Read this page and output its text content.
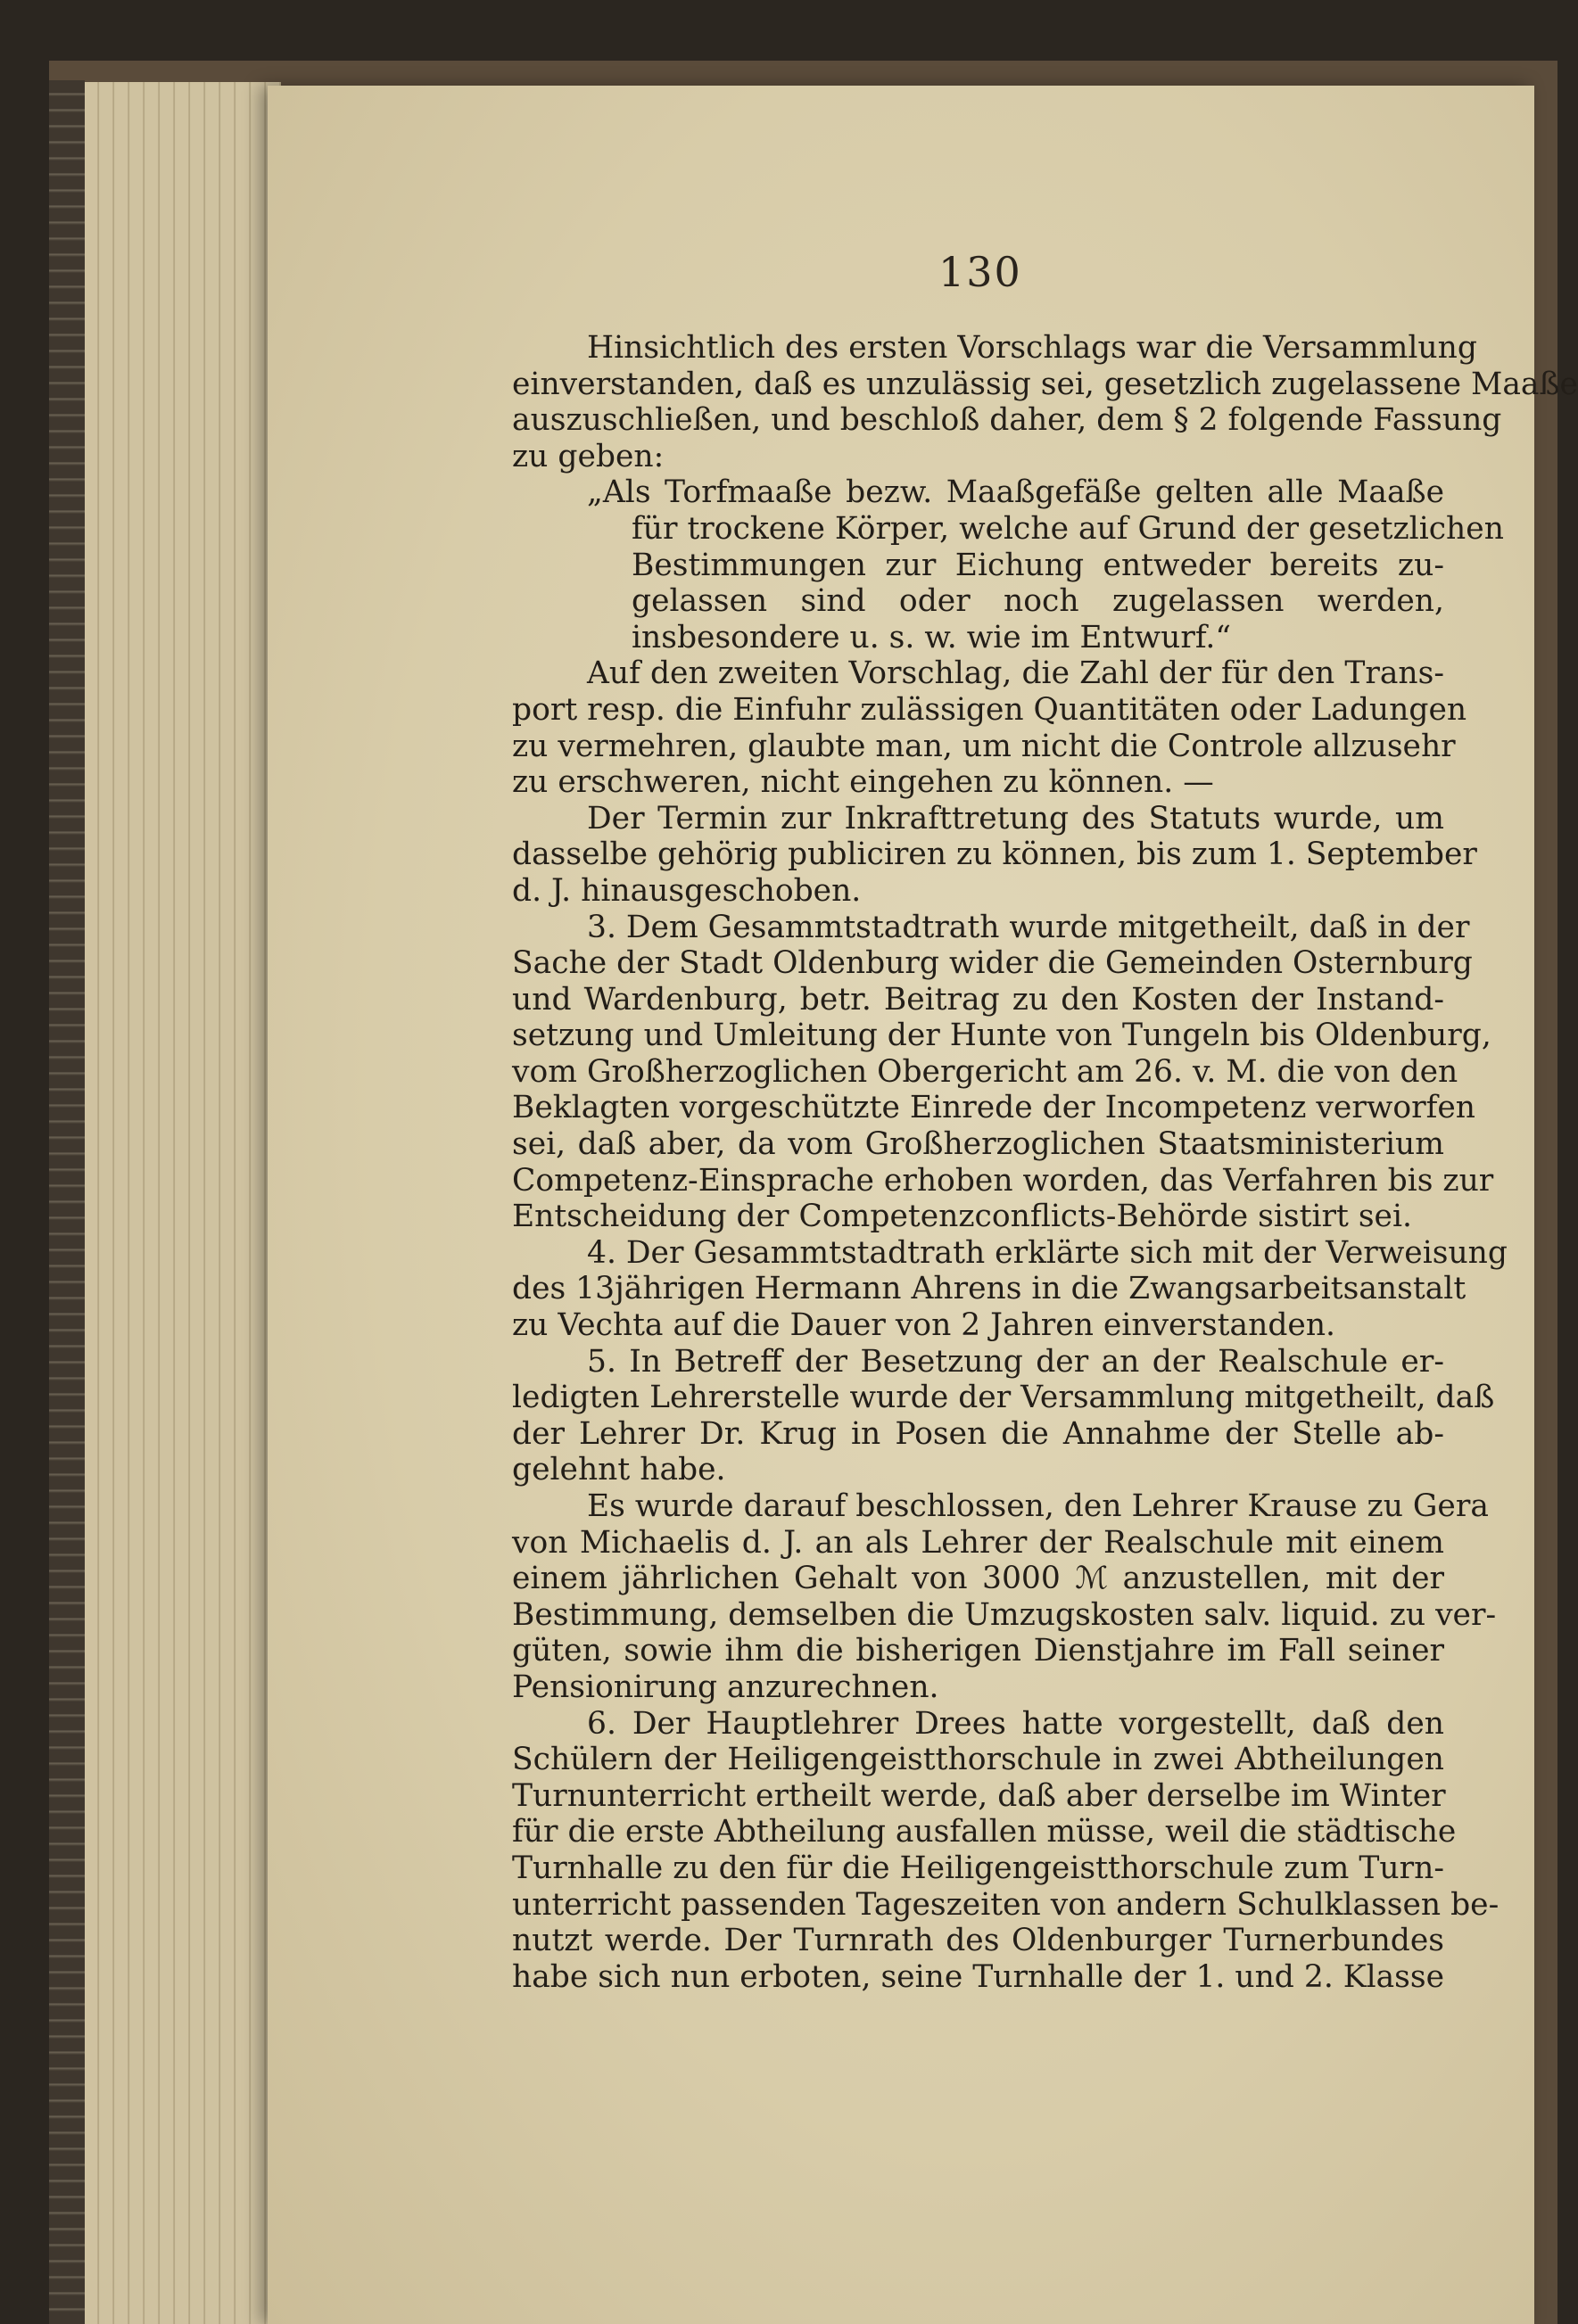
130
Hinsichtlich des ersten Vorschlags war die Versammlung
einverstanden, daß es unzulässig sei, gesetzlich zugelassene Maaße
auszuschließen, und beschloß daher, dem § 2 folgende Fassung
zu geben:
„Als Torfmaaße bezw. Maaßgefäße gelten alle Maaße
für trockene Körper, welche auf Grund der gesetzlichen
Bestimmungen zur Eichung entweder bereits zu-
gelassen sind oder noch zugelassen werden,
insbesondere u. s. w. wie im Entwurf.“
Auf den zweiten Vorschlag, die Zahl der für den Trans-
port resp. die Einfuhr zulässigen Quantitäten oder Ladungen
zu vermehren, glaubte man, um nicht die Controle allzusehr
zu erschweren, nicht eingehen zu können. —
Der Termin zur Inkrafttretung des Statuts wurde, um
dasselbe gehörig publiciren zu können, bis zum 1. September
d. J. hinausgeschoben.
3. Dem Gesammtstadtrath wurde mitgetheilt, daß in der
Sache der Stadt Oldenburg wider die Gemeinden Osternburg
und Wardenburg, betr. Beitrag zu den Kosten der Instand-
setzung und Umleitung der Hunte von Tungeln bis Oldenburg,
vom Großherzoglichen Obergericht am 26. v. M. die von den
Beklagten vorgeschützte Einrede der Incompetenz verworfen
sei, daß aber, da vom Großherzoglichen Staatsministerium
Competenz-Einsprache erhoben worden, das Verfahren bis zur
Entscheidung der Competenzconflicts-Behörde sistirt sei.
4. Der Gesammtstadtrath erklärte sich mit der Verweisung
des 13jährigen Hermann Ahrens in die Zwangsarbeitsanstalt
zu Vechta auf die Dauer von 2 Jahren einverstanden.
5. In Betreff der Besetzung der an der Realschule er-
ledigten Lehrerstelle wurde der Versammlung mitgetheilt, daß
der Lehrer Dr. Krug in Posen die Annahme der Stelle ab-
gelehnt habe.
Es wurde darauf beschlossen, den Lehrer Krause zu Gera
von Michaelis d. J. an als Lehrer der Realschule mit einem
einem jährlichen Gehalt von 3000 ℳ anzustellen, mit der
Bestimmung, demselben die Umzugskosten salv. liquid. zu ver-
güten, sowie ihm die bisherigen Dienstjahre im Fall seiner
Pensionirung anzurechnen.
6. Der Hauptlehrer Drees hatte vorgestellt, daß den
Schülern der Heiligengeistthorschule in zwei Abtheilungen
Turnunterricht ertheilt werde, daß aber derselbe im Winter
für die erste Abtheilung ausfallen müsse, weil die städtische
Turnhalle zu den für die Heiligengeistthorschule zum Turn-
unterricht passenden Tageszeiten von andern Schulklassen be-
nutzt werde. Der Turnrath des Oldenburger Turnerbundes
habe sich nun erboten, seine Turnhalle der 1. und 2. Klasse
